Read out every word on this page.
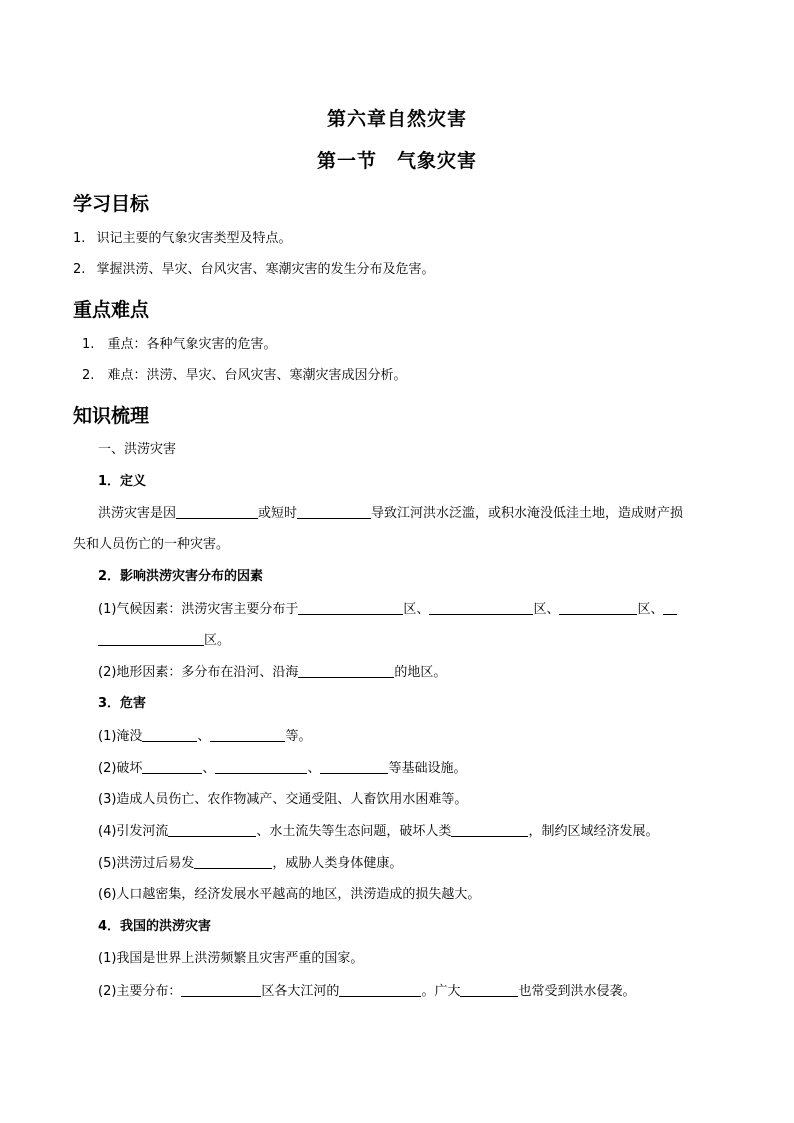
第六章自然灾害
第一节　气象灾害
学习目标
1. 识记主要的气象灾害类型及特点。
2. 掌握洪涝、旱灾、台风灾害、寒潮灾害的发生分布及危害。
重点难点
1. 重点：各种气象灾害的危害。
2. 难点：洪涝、旱灾、台风灾害、寒潮灾害成因分析。
知识梳理
一、洪涝灾害
1．定义
洪涝灾害是因	或短时	导致江河洪水泛滥，或积水淹没低洼土地，造成财产损
失和人员伤亡的一种灾害。
2．影响洪涝灾害分布的因素
(1)气候因素：洪涝灾害主要分布于	区、	区、	区、
区。
(2)地形因素：多分布在沿河、沿海	的地区。
3．危害
(1)淹没	、	等。
(2)破坏	、	、	等基础设施。
(3)造成人员伤亡、农作物减产、交通受阻、人畜饮用水困难等。
(4)引发河流	、水土流失等生态问题，破坏人类	，制约区域经济发展。
(5)洪涝过后易发	，威胁人类身体健康。
(6)人口越密集，经济发展水平越高的地区，洪涝造成的损失越大。
4．我国的洪涝灾害
(1)我国是世界上洪涝频繁且灾害严重的国家。
(2)主要分布：	区各大江河的	。广大	也常受到洪水侵袭。
